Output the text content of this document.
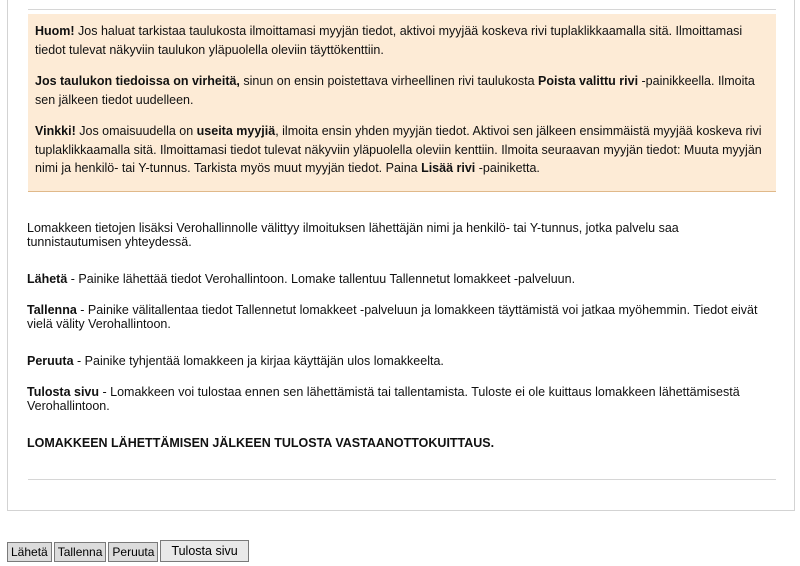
Huom! Jos haluat tarkistaa taulukosta ilmoittamasi myyjän tiedot, aktivoi myyjää koskeva rivi tuplaklikkaamalla sitä. Ilmoittamasi tiedot tulevat näkyviin taulukon yläpuolella oleviin täyttökenttiin.

Jos taulukon tiedoissa on virheitä, sinun on ensin poistettava virheellinen rivi taulukosta Poista valittu rivi -painikkeella. Ilmoita sen jälkeen tiedot uudelleen.

Vinkki! Jos omaisuudella on useita myyjiä, ilmoita ensin yhden myyjän tiedot. Aktivoi sen jälkeen ensimmäistä myyjää koskeva rivi tuplaklikkaamalla sitä. Ilmoittamasi tiedot tulevat näkyviin yläpuolella oleviin kenttiin. Ilmoita seuraavan myyjän tiedot: Muuta myyjän nimi ja henkilö- tai Y-tunnus. Tarkista myös muut myyjän tiedot. Paina Lisää rivi -painiketta.

Lomakkeen tietojen lisäksi Verohallinnolle välittyy ilmoituksen lähettäjän nimi ja henkilö- tai Y-tunnus, jotka palvelu saa tunnistautumisen yhteydessä.

Lähetä - Painike lähettää tiedot Verohallintoon. Lomake tallentuu Tallennetut lomakkeet -palveluun.

Tallenna - Painike välitallentaa tiedot Tallennetut lomakkeet -palveluun ja lomakkeen täyttämistä voi jatkaa myöhemmin. Tiedot eivät vielä välity Verohallintoon.

Peruuta - Painike tyhjentää lomakkeen ja kirjaa käyttäjän ulos lomakkeelta.

Tulosta sivu - Lomakkeen voi tulostaa ennen sen lähettämistä tai tallentamista. Tuloste ei ole kuittaus lomakkeen lähettämisestä Verohallintoon.

LOMAKKEEN LÄHETTÄMISEN JÄLKEEN TULOSTA VASTAANOTTOKUITTAUS.

Lähetä Tallenna Peruuta	Tulosta sivu
